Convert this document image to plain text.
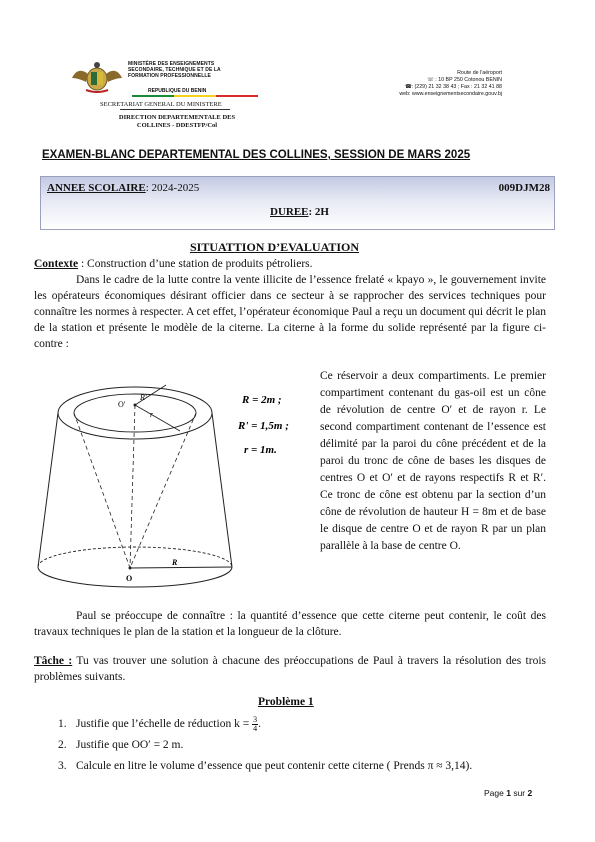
MINISTÈRE DES ENSEIGNEMENTS
SECONDAIRE, TECHNIQUE ET DE LA
FORMATION PROFESSIONNELLE
REPUBLIQUE DU BENIN
SECRETARIAT GENERAL DU MINISTERE
DIRECTION DEPARTEMENTALE DES
COLLINES - DDESTFP/Col
Route de l'aéroport
☏ : 10 BP 250 Cotonou BENIN
☎: (229) 21 32 38 43 ; Fax : 21 32 41 88
web: www.enseignementsecondaire.gouv.bj
EXAMEN-BLANC DEPARTEMENTAL DES COLLINES, SESSION DE MARS 2025
ANNEE SCOLAIRE: 2024-2025	009DJM28
DUREE: 2H
SITUATTION D’EVALUATION
Contexte : Construction d’une station de produits pétroliers.
Dans le cadre de la lutte contre la vente illicite de l’essence frelaté « kpayo », le gouvernement invite les opérateurs économiques désirant officier dans ce secteur à se rapprocher des services techniques pour connaître les normes à respecter. A cet effet, l’opérateur économique Paul a reçu un document qui décrit le plan de la station et présente le modèle de la citerne. La citerne à la forme du solide représenté par la figure ci- contre :
O'
R'
r
O
R
R = 2m ;
R' = 1,5m ;
r = 1m.
Ce réservoir a deux compartiments. Le premier compartiment contenant du gas-oil est un cône de révolution de centre O′ et de rayon r. Le second compartiment contenant de l’essence est délimité par la paroi du cône précédent et de la paroi du tronc de cône de bases les disques de centres O et O′ et de rayons respectifs R et R′. Ce tronc de cône est obtenu par la section d’un cône de révolution de hauteur H = 8m et de base le disque de centre O et de rayon R par un plan parallèle à la base de centre O.
Paul se préoccupe de connaître : la quantité d’essence que cette citerne peut contenir, le coût des travaux techniques le plan de la station et la longueur de la clôture.
Tâche : Tu vas trouver une solution à chacune des préoccupations de Paul à travers la résolution des trois problèmes suivants.
Problème 1
1. Justifie que l’échelle de réduction $k = \frac{3}{4}$ .
2. Justifie que OO′ = 2 m.
3. Calcule en litre le volume d’essence que peut contenir cette citerne ( Prends π ≈ 3,14).
Page 1 sur 2
